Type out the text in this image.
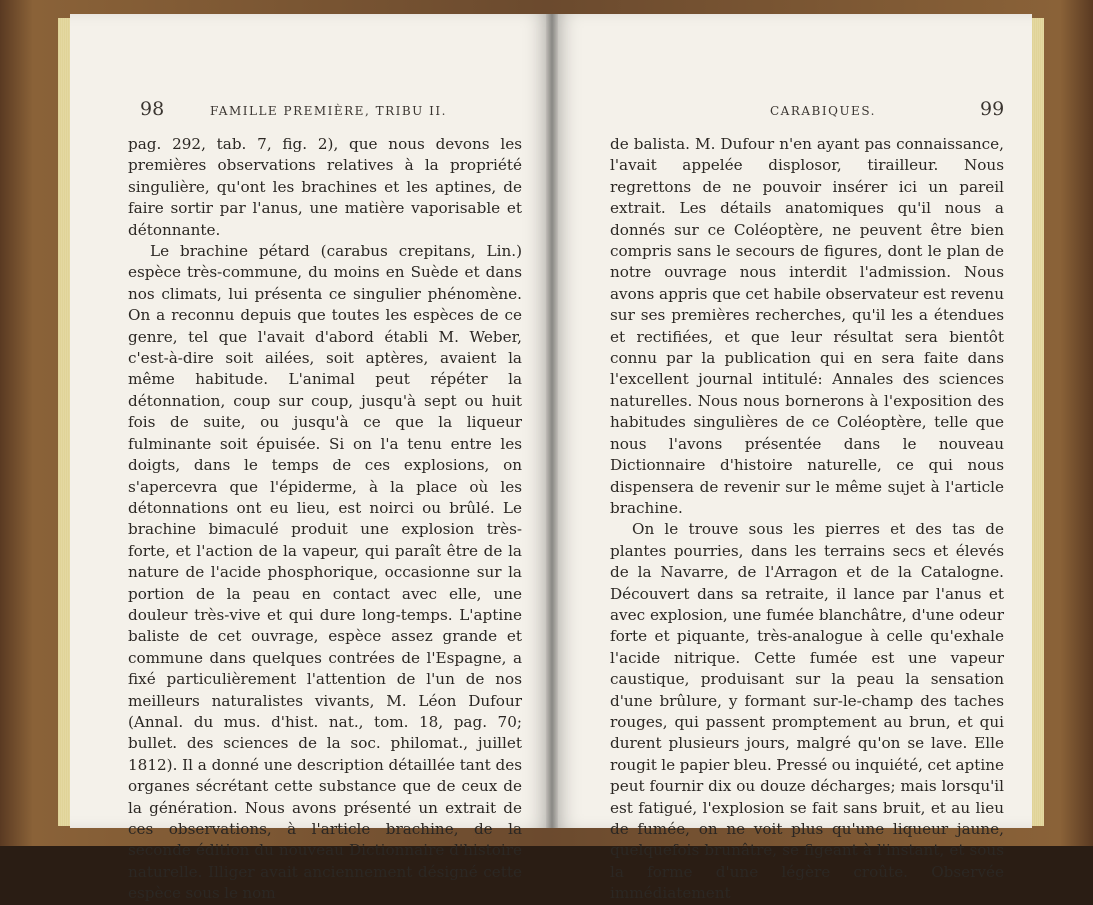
98	FAMILLE PREMIÈRE, TRIBU II.

pag. 292, tab. 7, fig. 2), que nous devons les premières observations relatives à la propriété singulière, qu'ont les brachines et les aptines, de faire sortir par l'anus, une matière vaporisable et détonnante.

Le brachine pétard (carabus crepitans, Lin.) espèce très-commune, du moins en Suède et dans nos climats, lui présenta ce singulier phénomène. On a reconnu depuis que toutes les espèces de ce genre, tel que l'avait d'abord établi M. Weber, c'est-à-dire soit ailées, soit aptères, avaient la même habitude. L'animal peut répéter la détonnation, coup sur coup, jusqu'à sept ou huit fois de suite, ou jusqu'à ce que la liqueur fulminante soit épuisée. Si on l'a tenu entre les doigts, dans le temps de ces explosions, on s'apercevra que l'épiderme, à la place où les détonnations ont eu lieu, est noirci ou brûlé. Le brachine bimaculé produit une explosion très-forte, et l'action de la vapeur, qui paraît être de la nature de l'acide phosphorique, occasionne sur la portion de la peau en contact avec elle, une douleur très-vive et qui dure long-temps. L'aptine baliste de cet ouvrage, espèce assez grande et commune dans quelques contrées de l'Espagne, a fixé particulièrement l'attention de l'un de nos meilleurs naturalistes vivants, M. Léon Dufour (Annal. du mus. d'hist. nat., tom. 18, pag. 70; bullet. des sciences de la soc. philomat., juillet 1812). Il a donné une description détaillée tant des organes sécrétant cette substance que de ceux de la génération. Nous avons présenté un extrait de ces observations, à l'article brachine, de la seconde édition du nouveau Dictionnaire d'histoire naturelle. Illiger avait anciennement désigné cette espèce sous le nom

CARABIQUES.	99

de balista. M. Dufour n'en ayant pas connaissance, l'avait appelée displosor, tirailleur. Nous regrettons de ne pouvoir insérer ici un pareil extrait. Les détails anatomiques qu'il nous a donnés sur ce Coléoptère, ne peuvent être bien compris sans le secours de figures, dont le plan de notre ouvrage nous interdit l'admission. Nous avons appris que cet habile observateur est revenu sur ses premières recherches, qu'il les a étendues et rectifiées, et que leur résultat sera bientôt connu par la publication qui en sera faite dans l'excellent journal intitulé: Annales des sciences naturelles. Nous nous bornerons à l'exposition des habitudes singulières de ce Coléoptère, telle que nous l'avons présentée dans le nouveau Dictionnaire d'histoire naturelle, ce qui nous dispensera de revenir sur le même sujet à l'article brachine.

On le trouve sous les pierres et des tas de plantes pourries, dans les terrains secs et élevés de la Navarre, de l'Arragon et de la Catalogne. Découvert dans sa retraite, il lance par l'anus et avec explosion, une fumée blanchâtre, d'une odeur forte et piquante, très-analogue à celle qu'exhale l'acide nitrique. Cette fumée est une vapeur caustique, produisant sur la peau la sensation d'une brûlure, y formant sur-le-champ des taches rouges, qui passent promptement au brun, et qui durent plusieurs jours, malgré qu'on se lave. Elle rougit le papier bleu. Pressé ou inquiété, cet aptine peut fournir dix ou douze décharges; mais lorsqu'il est fatigué, l'explosion se fait sans bruit, et au lieu de fumée, on ne voit plus qu'une liqueur jaune, quelquefois brunâtre, se figeant à l'instant, et sous la forme d'une légère croûte. Observée immédiatement
